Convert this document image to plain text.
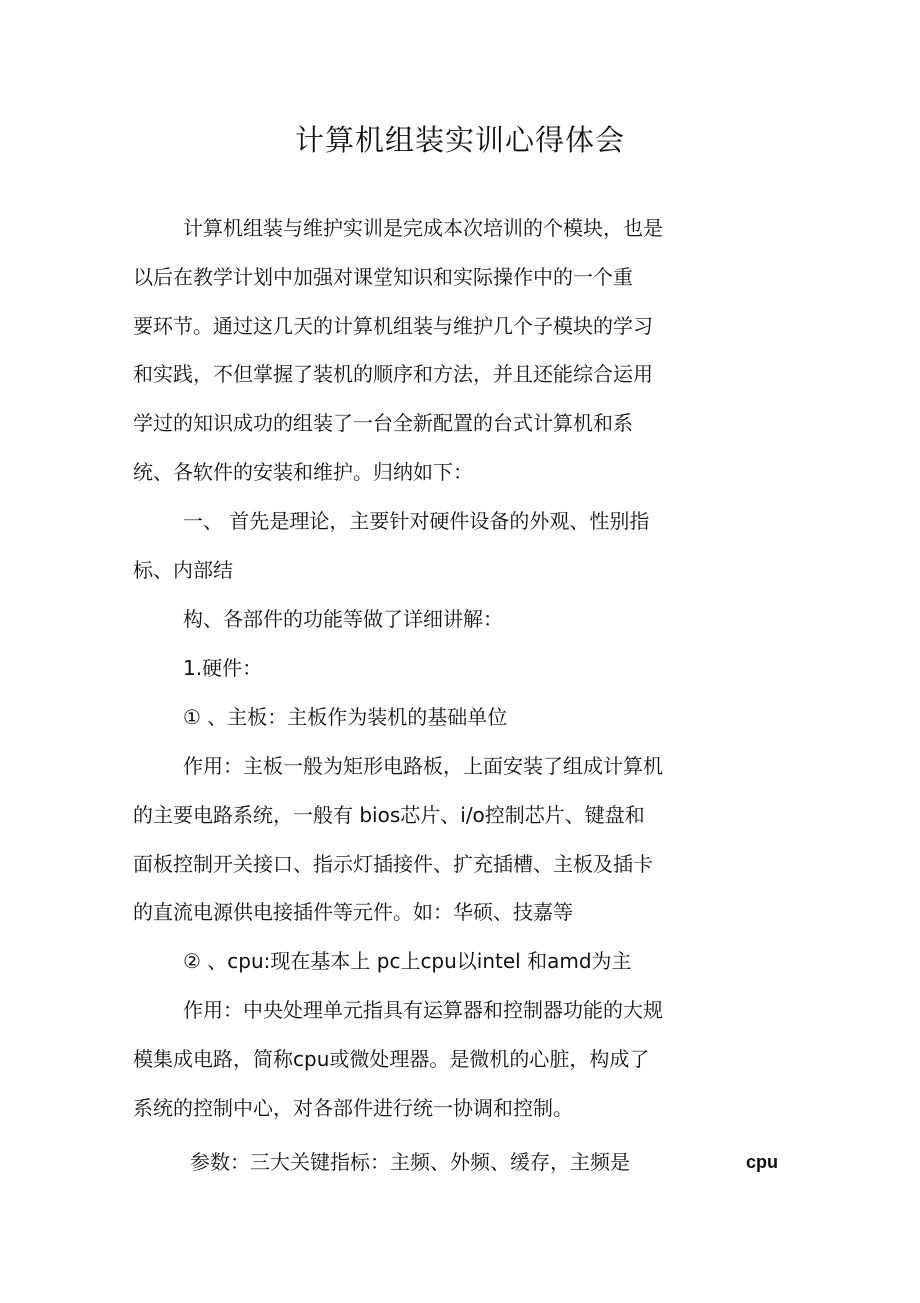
计算机组装实训心得体会
计算机组装与维护实训是完成本次培训的个模块，也是
以后在教学计划中加强对课堂知识和实际操作中的一个重
要环节。通过这几天的计算机组装与维护几个子模块的学习
和实践，不但掌握了装机的顺序和方法，并且还能综合运用
学过的知识成功的组装了一台全新配置的台式计算机和系
统、各软件的安装和维护。归纳如下：
一、 首先是理论，主要针对硬件设备的外观、性别指
标、内部结
构、各部件的功能等做了详细讲解：
1.硬件：
① 、主板：主板作为装机的基础单位
作用：主板一般为矩形电路板，上面安装了组成计算机
的主要电路系统，一般有 bios芯片、i/o控制芯片、键盘和
面板控制开关接口、指示灯插接件、扩充插槽、主板及插卡
的直流电源供电接插件等元件。如：华硕、技嘉等
② 、cpu:现在基本上 pc上cpu以intel 和amd为主
作用：中央处理单元指具有运算器和控制器功能的大规
模集成电路，简称cpu或微处理器。是微机的心脏，构成了
系统的控制中心，对各部件进行统一协调和控制。
参数：三大关键指标：主频、外频、缓存，主频是	cpu
